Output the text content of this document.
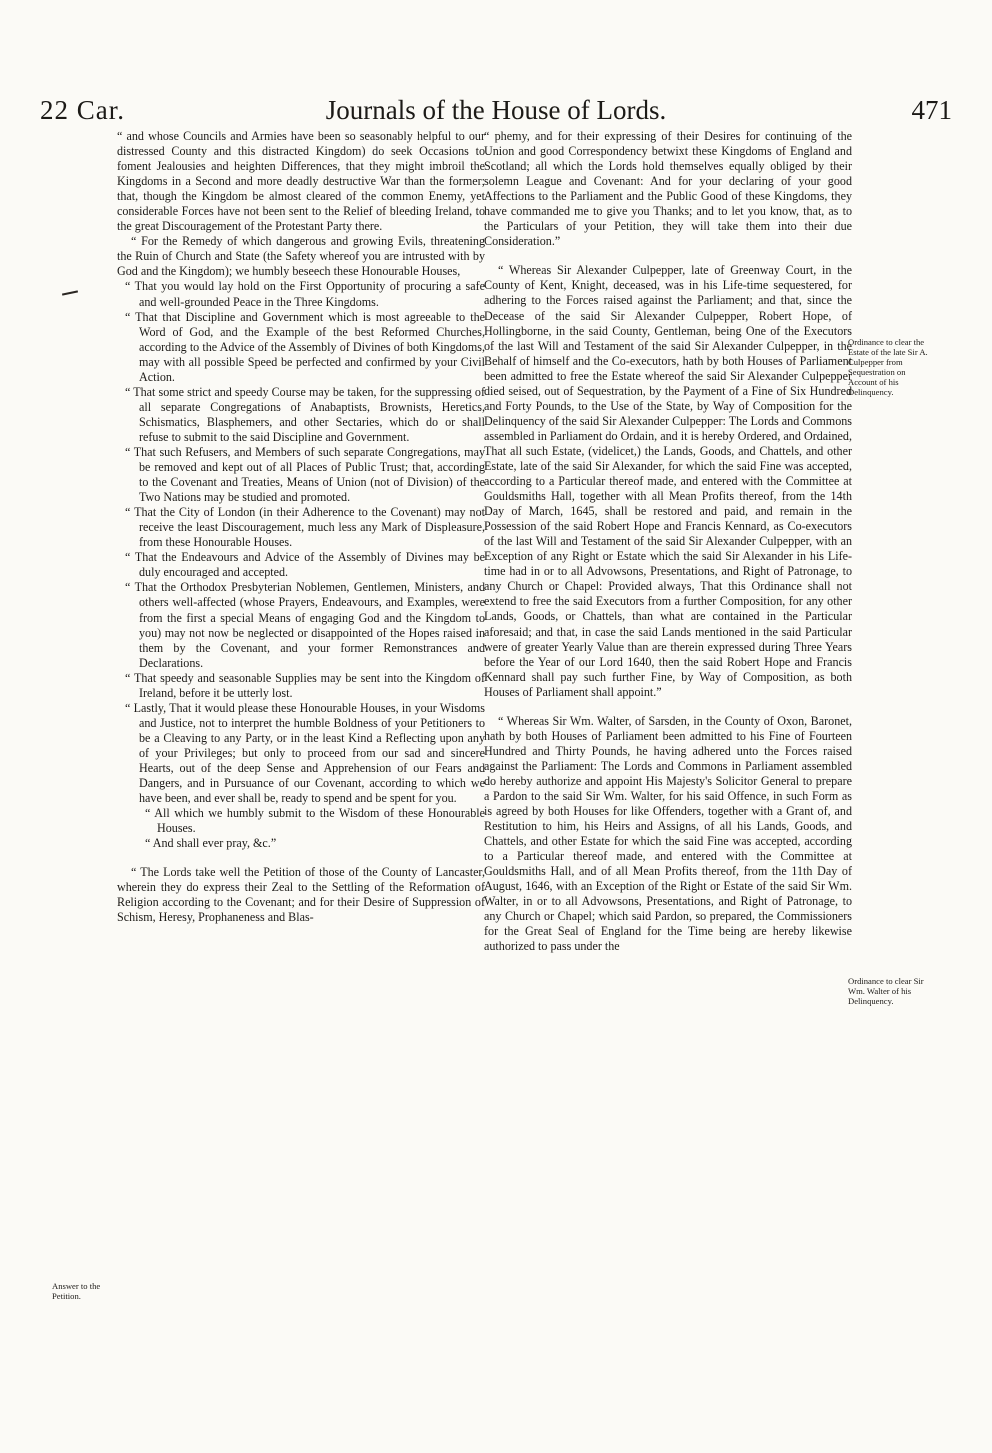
22 Car.	Journals of the House of Lords.	471

“ and whose Councils and Armies have been so seasonably helpful to our distressed County and this distracted Kingdom) do seek Occasions to foment Jealousies and heighten Differences, that they might imbroil the Kingdoms in a Second and more deadly destructive War than the former; that, though the Kingdom be almost cleared of the common Enemy, yet considerable Forces have not been sent to the Relief of bleeding Ireland, to the great Discouragement of the Protestant Party there.

“ For the Remedy of which dangerous and growing Evils, threatening the Ruin of Church and State (the Safety whereof you are intrusted with by God and the Kingdom); we humbly beseech these Honourable Houses,

“ That you would lay hold on the First Opportunity of procuring a safe and well-grounded Peace in the Three Kingdoms.

“ That that Discipline and Government which is most agreeable to the Word of God, and the Example of the best Reformed Churches, according to the Advice of the Assembly of Divines of both Kingdoms, may with all possible Speed be perfected and confirmed by your Civil Action.

“ That some strict and speedy Course may be taken, for the suppressing of all separate Congregations of Anabaptists, Brownists, Heretics, Schismatics, Blasphemers, and other Sectaries, which do or shall refuse to submit to the said Discipline and Government.

“ That such Refusers, and Members of such separate Congregations, may be removed and kept out of all Places of Public Trust; that, according to the Covenant and Treaties, Means of Union (not of Division) of the Two Nations may be studied and promoted.

“ That the City of London (in their Adherence to the Covenant) may not receive the least Discouragement, much less any Mark of Displeasure, from these Honourable Houses.

“ That the Endeavours and Advice of the Assembly of Divines may be duly encouraged and accepted.

“ That the Orthodox Presbyterian Noblemen, Gentlemen, Ministers, and others well-affected (whose Prayers, Endeavours, and Examples, were from the first a special Means of engaging God and the Kingdom to you) may not now be neglected or disappointed of the Hopes raised in them by the Covenant, and your former Remonstrances and Declarations.

“ That speedy and seasonable Supplies may be sent into the Kingdom of Ireland, before it be utterly lost.

“ Lastly, That it would please these Honourable Houses, in your Wisdoms and Justice, not to interpret the humble Boldness of your Petitioners to be a Cleaving to any Party, or in the least Kind a Reflecting upon any of your Privileges; but only to proceed from our sad and sincere Hearts, out of the deep Sense and Apprehension of our Fears and Dangers, and in Pursuance of our Covenant, according to which we have been, and ever shall be, ready to spend and be spent for you.

“ All which we humbly submit to the Wisdom of these Honourable Houses.

“ And shall ever pray, &c.”

“ The Lords take well the Petition of those of the County of Lancaster, wherein they do express their Zeal to the Settling of the Reformation of Religion according to the Covenant; and for their Desire of Suppression of Schism, Heresy, Prophaneness and Blas-

“ phemy, and for their expressing of their Desires for continuing of the Union and good Correspondency betwixt these Kingdoms of England and Scotland; all which the Lords hold themselves equally obliged by their solemn League and Covenant: And for your declaring of your good Affections to the Parliament and the Public Good of these Kingdoms, they have commanded me to give you Thanks; and to let you know, that, as to the Particulars of your Petition, they will take them into their due Consideration.”

“ Whereas Sir Alexander Culpepper, late of Greenway Court, in the County of Kent, Knight, deceased, was in his Life-time sequestered, for adhering to the Forces raised against the Parliament; and that, since the Decease of the said Sir Alexander Culpepper, Robert Hope, of Hollingborne, in the said County, Gentleman, being One of the Executors of the last Will and Testament of the said Sir Alexander Culpepper, in the Behalf of himself and the Co-executors, hath by both Houses of Parliament been admitted to free the Estate whereof the said Sir Alexander Culpepper died seised, out of Sequestration, by the Payment of a Fine of Six Hundred and Forty Pounds, to the Use of the State, by Way of Composition for the Delinquency of the said Sir Alexander Culpepper: The Lords and Commons assembled in Parliament do Ordain, and it is hereby Ordered, and Ordained, That all such Estate, (videlicet,) the Lands, Goods, and Chattels, and other Estate, late of the said Sir Alexander, for which the said Fine was accepted, according to a Particular thereof made, and entered with the Committee at Gouldsmiths Hall, together with all Mean Profits thereof, from the 14th Day of March, 1645, shall be restored and paid, and remain in the Possession of the said Robert Hope and Francis Kennard, as Co-executors of the last Will and Testament of the said Sir Alexander Culpepper, with an Exception of any Right or Estate which the said Sir Alexander in his Life-time had in or to all Advowsons, Presentations, and Right of Patronage, to any Church or Chapel: Provided always, That this Ordinance shall not extend to free the said Executors from a further Composition, for any other Lands, Goods, or Chattels, than what are contained in the Particular aforesaid; and that, in case the said Lands mentioned in the said Particular were of greater Yearly Value than are therein expressed during Three Years before the Year of our Lord 1640, then the said Robert Hope and Francis Kennard shall pay such further Fine, by Way of Composition, as both Houses of Parliament shall appoint.”

“ Whereas Sir Wm. Walter, of Sarsden, in the County of Oxon, Baronet, hath by both Houses of Parliament been admitted to his Fine of Fourteen Hundred and Thirty Pounds, he having adhered unto the Forces raised against the Parliament: The Lords and Commons in Parliament assembled do hereby authorize and appoint His Majesty's Solicitor General to prepare a Pardon to the said Sir Wm. Walter, for his said Offence, in such Form as is agreed by both Houses for like Offenders, together with a Grant of, and Restitution to him, his Heirs and Assigns, of all his Lands, Goods, and Chattels, and other Estate for which the said Fine was accepted, according to a Particular thereof made, and entered with the Committee at Gouldsmiths Hall, and of all Mean Profits thereof, from the 11th Day of August, 1646, with an Exception of the Right or Estate of the said Sir Wm. Walter, in or to all Advowsons, Presentations, and Right of Patronage, to any Church or Chapel; which said Pardon, so prepared, the Commissioners for the Great Seal of England for the Time being are hereby likewise authorized to pass under the

Answer to the Petition.
Ordinance to clear the Estate of the late Sir A. Culpepper from Sequestration on Account of his Delinquency.
Ordinance to clear Sir Wm. Walter of his Delinquency.
